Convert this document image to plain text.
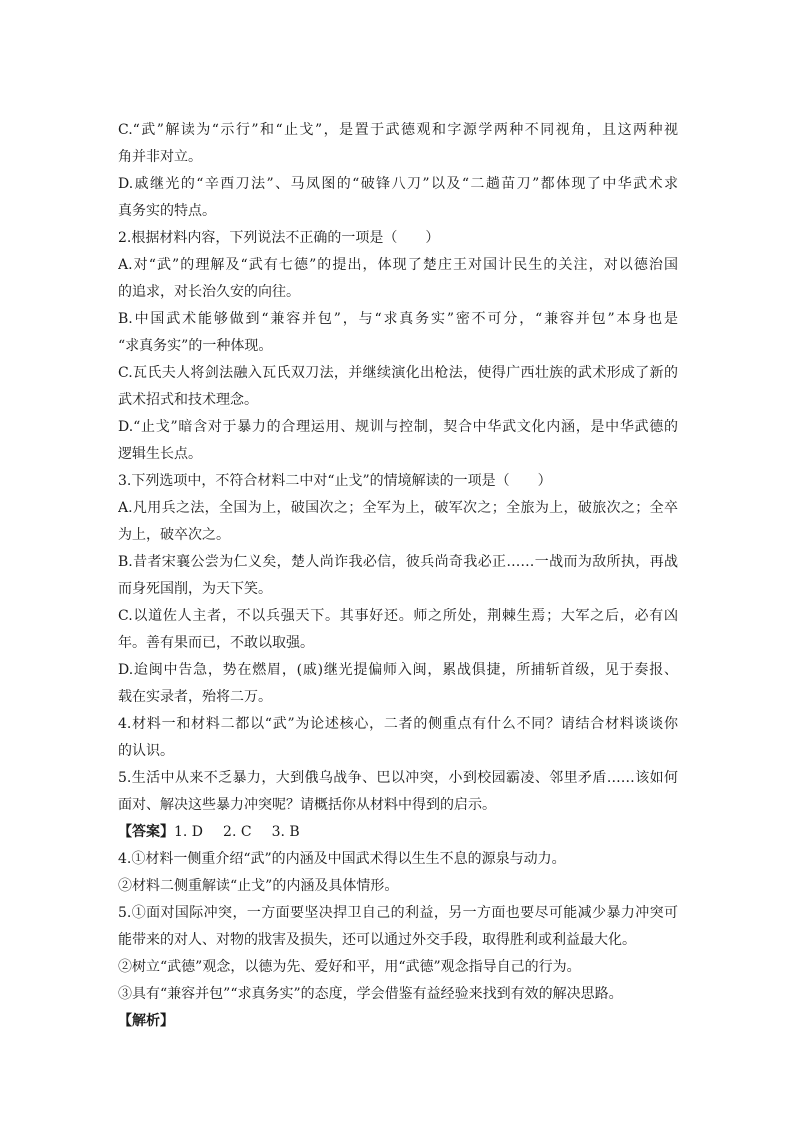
C.“武”解读为“示行”和“止戈”，是置于武德观和字源学两种不同视角，且这两种视
角并非对立。
D.戚继光的“辛酉刀法”、马凤图的“破锋八刀”以及“二趟苗刀”都体现了中华武术求
真务实的特点。
2.根据材料内容，下列说法不正确的一项是（　　）
A.对“武”的理解及“武有七德”的提出，体现了楚庄王对国计民生的关注，对以德治国
的追求，对长治久安的向往。
B.中国武术能够做到“兼容并包”，与“求真务实”密不可分，“兼容并包”本身也是
“求真务实”的一种体现。
C.瓦氏夫人将剑法融入瓦氏双刀法，并继续演化出枪法，使得广西壮族的武术形成了新的
武术招式和技术理念。
D.“止戈”暗含对于暴力的合理运用、规训与控制，契合中华武文化内涵，是中华武德的
逻辑生长点。
3.下列选项中，不符合材料二中对“止戈”的情境解读的一项是（　　）
A.凡用兵之法，全国为上，破国次之；全军为上，破军次之；全旅为上，破旅次之；全卒
为上，破卒次之。
B.昔者宋襄公尝为仁义矣，楚人尚诈我必信，彼兵尚奇我必正……一战而为敌所执，再战
而身死国削，为天下笑。
C.以道佐人主者，不以兵强天下。其事好还。师之所处，荆棘生焉；大军之后，必有凶
年。善有果而已，不敢以取强。
D.迨闽中告急，势在燃眉，(戚)继光提偏师入闽，累战俱捷，所捕斩首级，见于奏报、
载在实录者，殆将二万。
4.材料一和材料二都以“武”为论述核心，二者的侧重点有什么不同？请结合材料谈谈你
的认识。
5.生活中从来不乏暴力，大到俄乌战争、巴以冲突，小到校园霸凌、邻里矛盾……该如何
面对、解决这些暴力冲突呢？请概括你从材料中得到的启示。
【答案】1. D 2. C 3. B
4.①材料一侧重介绍“武”的内涵及中国武术得以生生不息的源泉与动力。
②材料二侧重解读“止戈”的内涵及具体情形。
5.①面对国际冲突，一方面要坚决捍卫自己的利益，另一方面也要尽可能减少暴力冲突可
能带来的对人、对物的戕害及损失，还可以通过外交手段，取得胜利或利益最大化。
②树立“武德”观念，以德为先、爱好和平，用“武德”观念指导自己的行为。
③具有“兼容并包”“求真务实”的态度，学会借鉴有益经验来找到有效的解决思路。
【解析】
